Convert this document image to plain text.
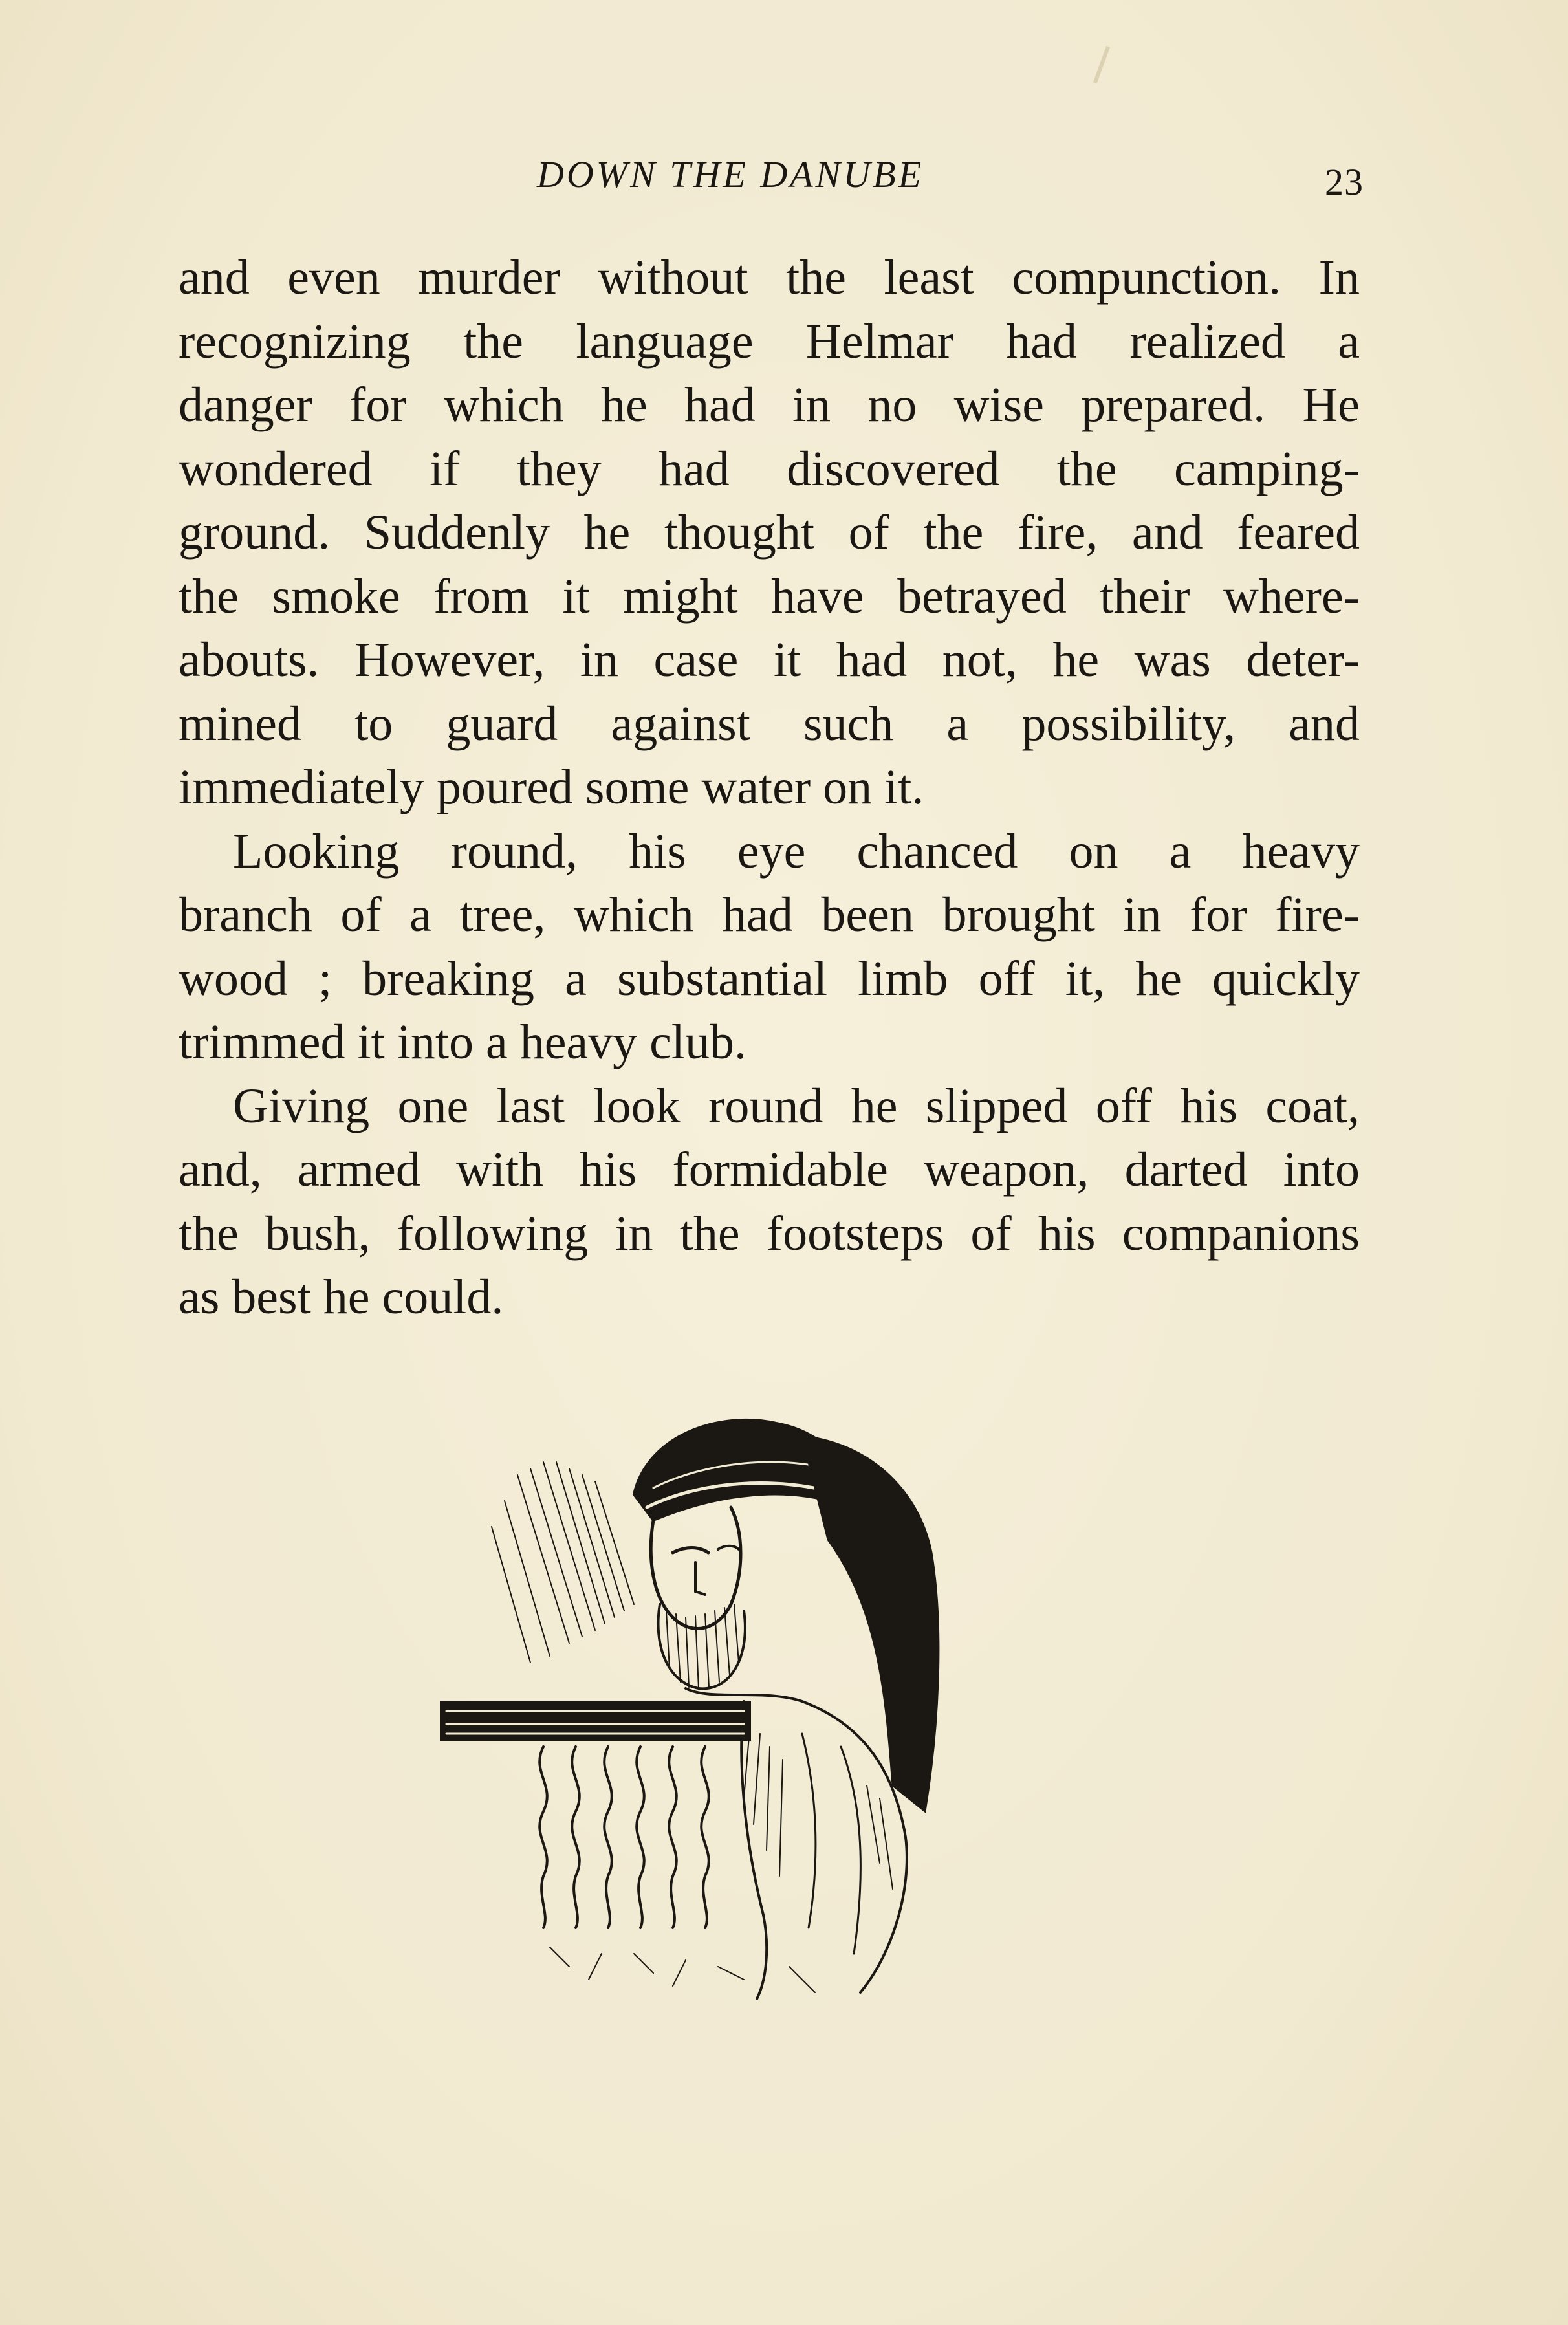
DOWN THE DANUBE	23
and even murder without the least compunction. In
recognizing the language Helmar had realized a
danger for which he had in no wise prepared. He
wondered if they had discovered the camping-
ground. Suddenly he thought of the fire, and feared
the smoke from it might have betrayed their where-
abouts. However, in case it had not, he was deter-
mined to guard against such a possibility, and
immediately poured some water on it.
Looking round, his eye chanced on a heavy
branch of a tree, which had been brought in for fire-
wood ; breaking a substantial limb off it, he quickly
trimmed it into a heavy club.
Giving one last look round he slipped off his coat,
and, armed with his formidable weapon, darted into
the bush, following in the footsteps of his companions
as best he could.
